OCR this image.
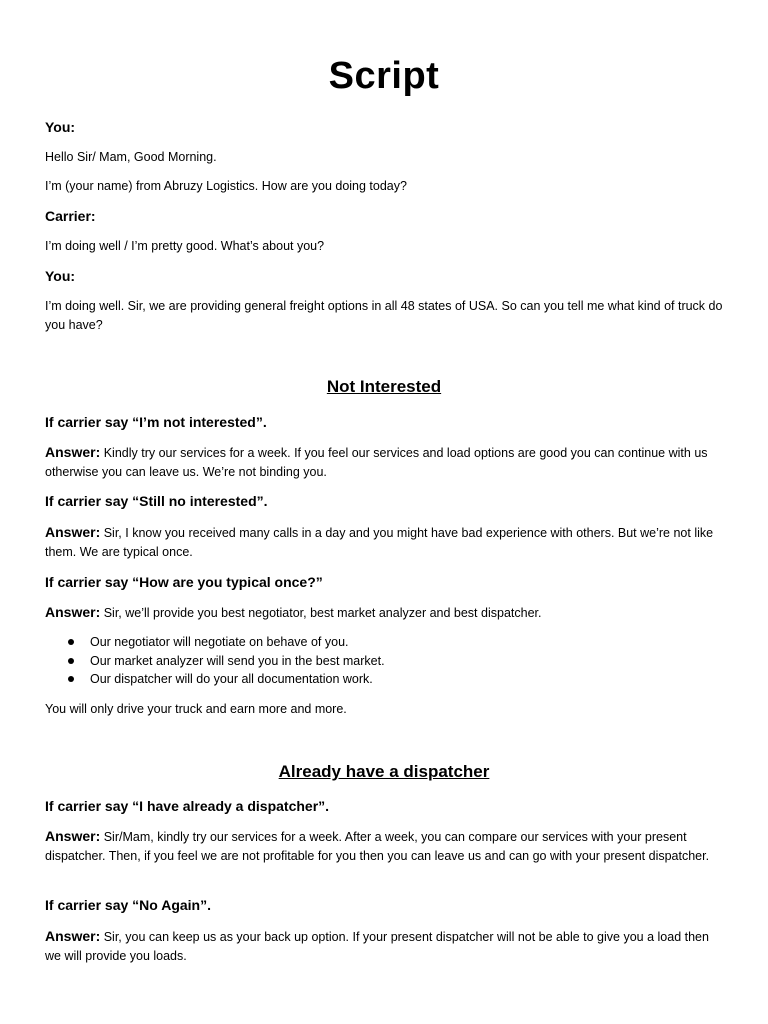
Script
You:
Hello Sir/ Mam, Good Morning.
I’m (your name) from Abruzy Logistics. How are you doing today?
Carrier:
I’m doing well / I’m pretty good. What’s about you?
You:
I’m doing well. Sir, we are providing general freight options in all 48 states of USA. So can you tell me what kind of truck do you have?
Not Interested
If carrier say “I’m not interested”.
Answer: Kindly try our services for a week. If you feel our services and load options are good you can continue with us otherwise you can leave us. We’re not binding you.
If carrier say “Still no interested”.
Answer: Sir, I know you received many calls in a day and you might have bad experience with others. But we’re not like them. We are typical once.
If carrier say “How are you typical once?”
Answer: Sir, we’ll provide you best negotiator, best market analyzer and best dispatcher.
Our negotiator will negotiate on behave of you.
Our market analyzer will send you in the best market.
Our dispatcher will do your all documentation work.
You will only drive your truck and earn more and more.
Already have a dispatcher
If carrier say “I have already a dispatcher”.
Answer: Sir/Mam, kindly try our services for a week. After a week, you can compare our services with your present dispatcher. Then, if you feel we are not profitable for you then you can leave us and can go with your present dispatcher.
If carrier say “No Again”.
Answer: Sir, you can keep us as your back up option. If your present dispatcher will not be able to give you a load then we will provide you loads.
